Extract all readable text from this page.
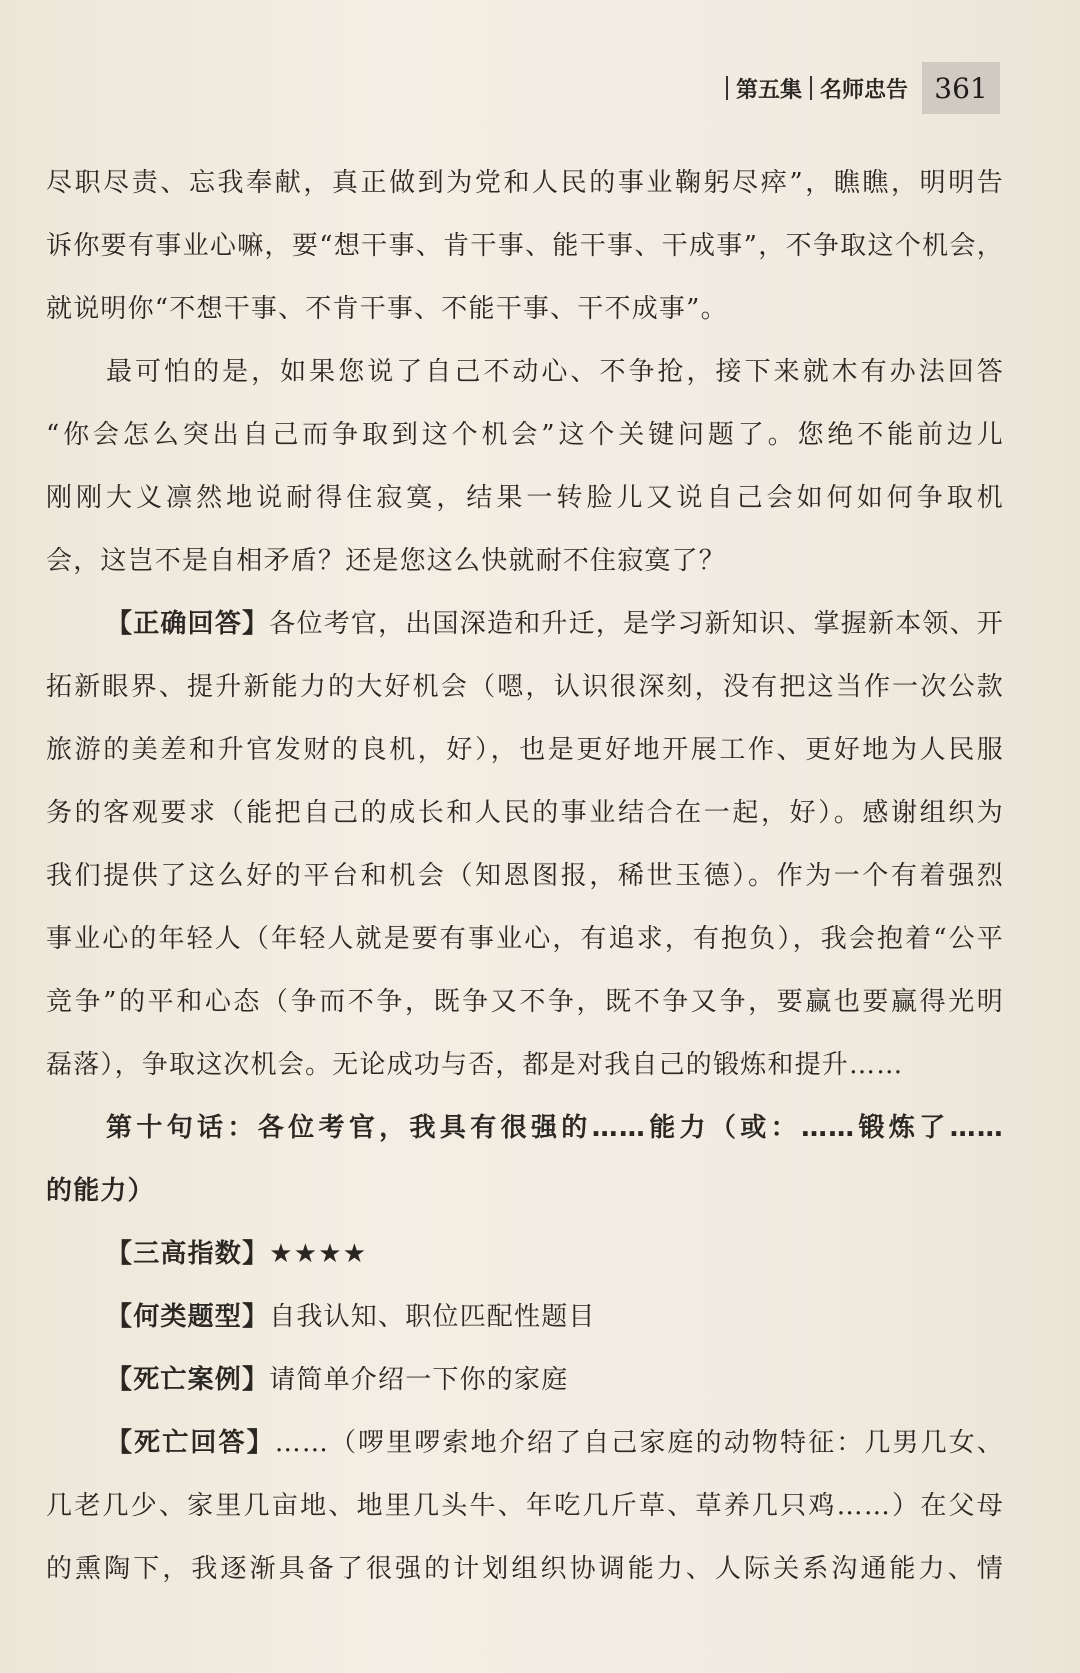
第五集 名师忠告 361
尽职尽责、忘我奉献，真正做到为党和人民的事业鞠躬尽瘁”，瞧瞧，明明告
诉你要有事业心嘛，要“想干事、肯干事、能干事、干成事”，不争取这个机会，
就说明你“不想干事、不肯干事、不能干事、干不成事”。
最可怕的是，如果您说了自己不动心、不争抢，接下来就木有办法回答
“你会怎么突出自己而争取到这个机会”这个关键问题了。您绝不能前边儿
刚刚大义凛然地说耐得住寂寞，结果一转脸儿又说自己会如何如何争取机
会，这岂不是自相矛盾？还是您这么快就耐不住寂寞了？
【正确回答】各位考官，出国深造和升迁，是学习新知识、掌握新本领、开
拓新眼界、提升新能力的大好机会（嗯，认识很深刻，没有把这当作一次公款
旅游的美差和升官发财的良机，好），也是更好地开展工作、更好地为人民服
务的客观要求（能把自己的成长和人民的事业结合在一起，好）。感谢组织为
我们提供了这么好的平台和机会（知恩图报，稀世玉德）。作为一个有着强烈
事业心的年轻人（年轻人就是要有事业心，有追求，有抱负），我会抱着“公平
竞争”的平和心态（争而不争，既争又不争，既不争又争，要赢也要赢得光明
磊落），争取这次机会。无论成功与否，都是对我自己的锻炼和提升……
第十句话：各位考官，我具有很强的……能力（或：……锻炼了……
的能力）
【三高指数】★★★★
【何类题型】自我认知、职位匹配性题目
【死亡案例】请简单介绍一下你的家庭
【死亡回答】……（啰里啰索地介绍了自己家庭的动物特征：几男几女、
几老几少、家里几亩地、地里几头牛、年吃几斤草、草养几只鸡……）在父母
的熏陶下，我逐渐具备了很强的计划组织协调能力、人际关系沟通能力、情
